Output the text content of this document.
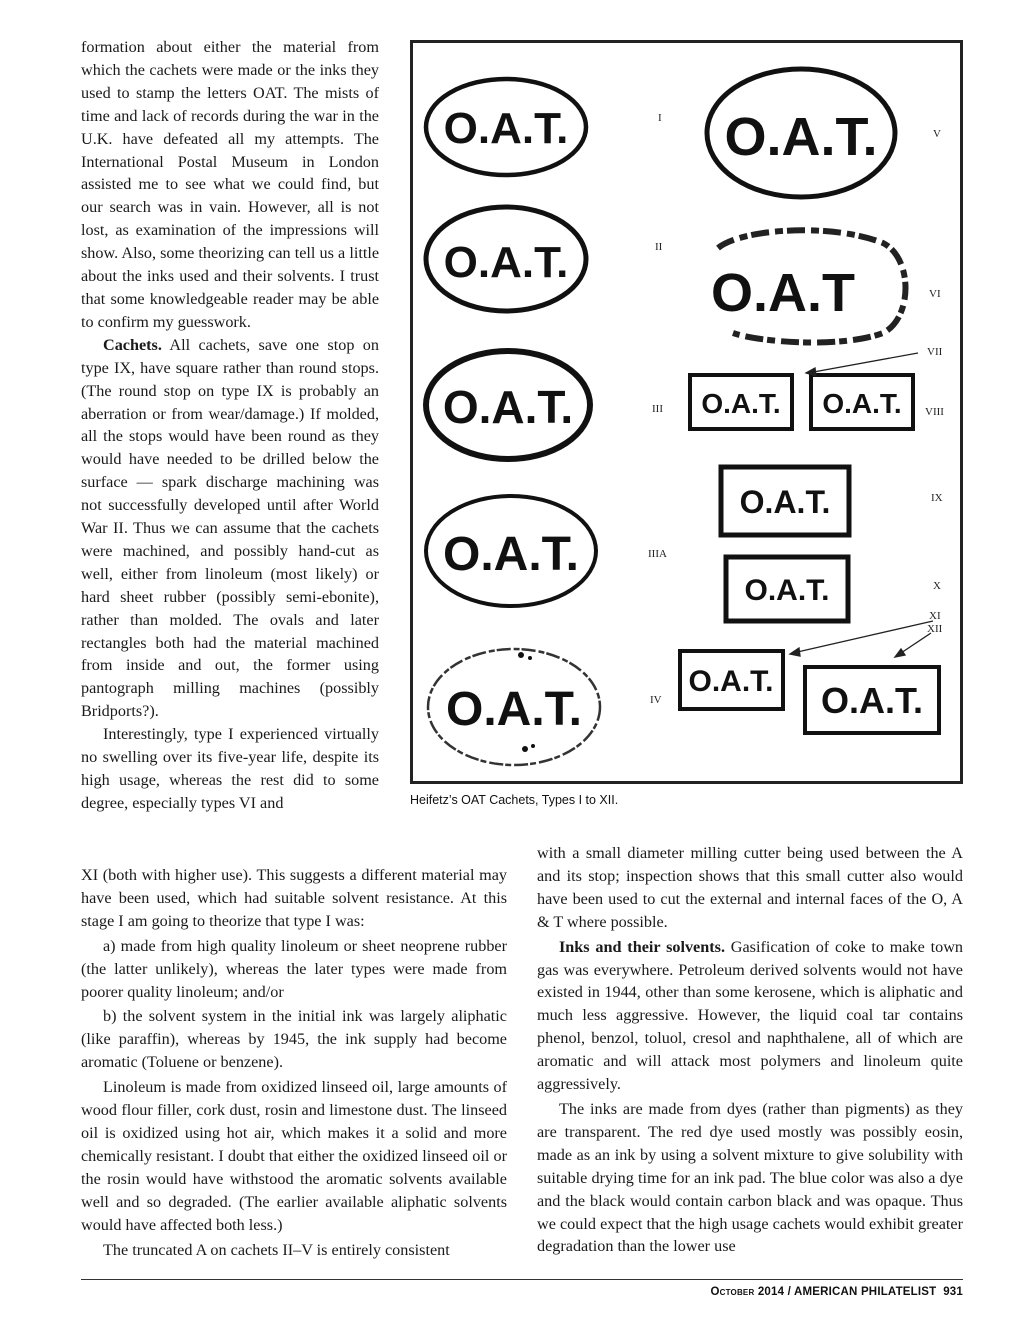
formation about either the material from which the cachets were made or the inks they used to stamp the letters OAT. The mists of time and lack of records during the war in the U.K. have defeated all my attempts. The International Postal Museum in London assisted me to see what we could find, but our search was in vain. However, all is not lost, as examination of the impressions will show. Also, some theorizing can tell us a little about the inks used and their solvents. I trust that some knowledgeable reader may be able to confirm my guesswork.

Cachets. All cachets, save one stop on type IX, have square rather than round stops. (The round stop on type IX is probably an aberration or from wear/damage.) If molded, all the stops would have been round as they would have needed to be drilled below the surface — spark discharge machining was not successfully developed until after World War II. Thus we can assume that the cachets were machined, and possibly hand-cut as well, either from linoleum (most likely) or hard sheet rubber (possibly semi-ebonite), rather than molded. The ovals and later rectangles both had the material machined from inside and out, the former using pantograph milling machines (possibly Bridports?).

Interestingly, type I experienced virtually no swelling over its five-year life, despite its high usage, whereas the rest did to some degree, especially types VI and

O.A.T.
O.A.T.
O.A.T.
O.A.T.
O.A.T.
O.A.T.
O.A.T
O.A.T. O.A.T.
O.A.T.
O.A.T.
O.A.T. O.A.T.
I
II
III
IIIA
IV
V
VI
VII
VIII
IX
X
XI
XII
Heifetz’s OAT Cachets, Types I to XII.

XI (both with higher use). This suggests a different material may have been used, which had suitable solvent resistance. At this stage I am going to theorize that type I was:

a) made from high quality linoleum or sheet neoprene rubber (the latter unlikely), whereas the later types were made from poorer quality linoleum; and/or

b) the solvent system in the initial ink was largely aliphatic (like paraffin), whereas by 1945, the ink supply had become aromatic (Toluene or benzene).

Linoleum is made from oxidized linseed oil, large amounts of wood flour filler, cork dust, rosin and limestone dust. The linseed oil is oxidized using hot air, which makes it a solid and more chemically resistant. I doubt that either the oxidized linseed oil or the rosin would have withstood the aromatic solvents available well and so degraded. (The earlier available aliphatic solvents would have affected both less.)

The truncated A on cachets II–V is entirely consistent

with a small diameter milling cutter being used between the A and its stop; inspection shows that this small cutter also would have been used to cut the external and internal faces of the O, A & T where possible.

Inks and their solvents. Gasification of coke to make town gas was everywhere. Petroleum derived solvents would not have existed in 1944, other than some kerosene, which is aliphatic and much less aggressive. However, the liquid coal tar contains phenol, benzol, toluol, cresol and naphthalene, all of which are aromatic and will attack most polymers and linoleum quite aggressively.

The inks are made from dyes (rather than pigments) as they are transparent. The red dye used mostly was possibly eosin, made as an ink by using a solvent mixture to give solubility with suitable drying time for an ink pad. The blue color was also a dye and the black would contain carbon black and was opaque. Thus we could expect that the high usage cachets would exhibit greater degradation than the lower use

October 2014 / AMERICAN PHILATELIST 931
